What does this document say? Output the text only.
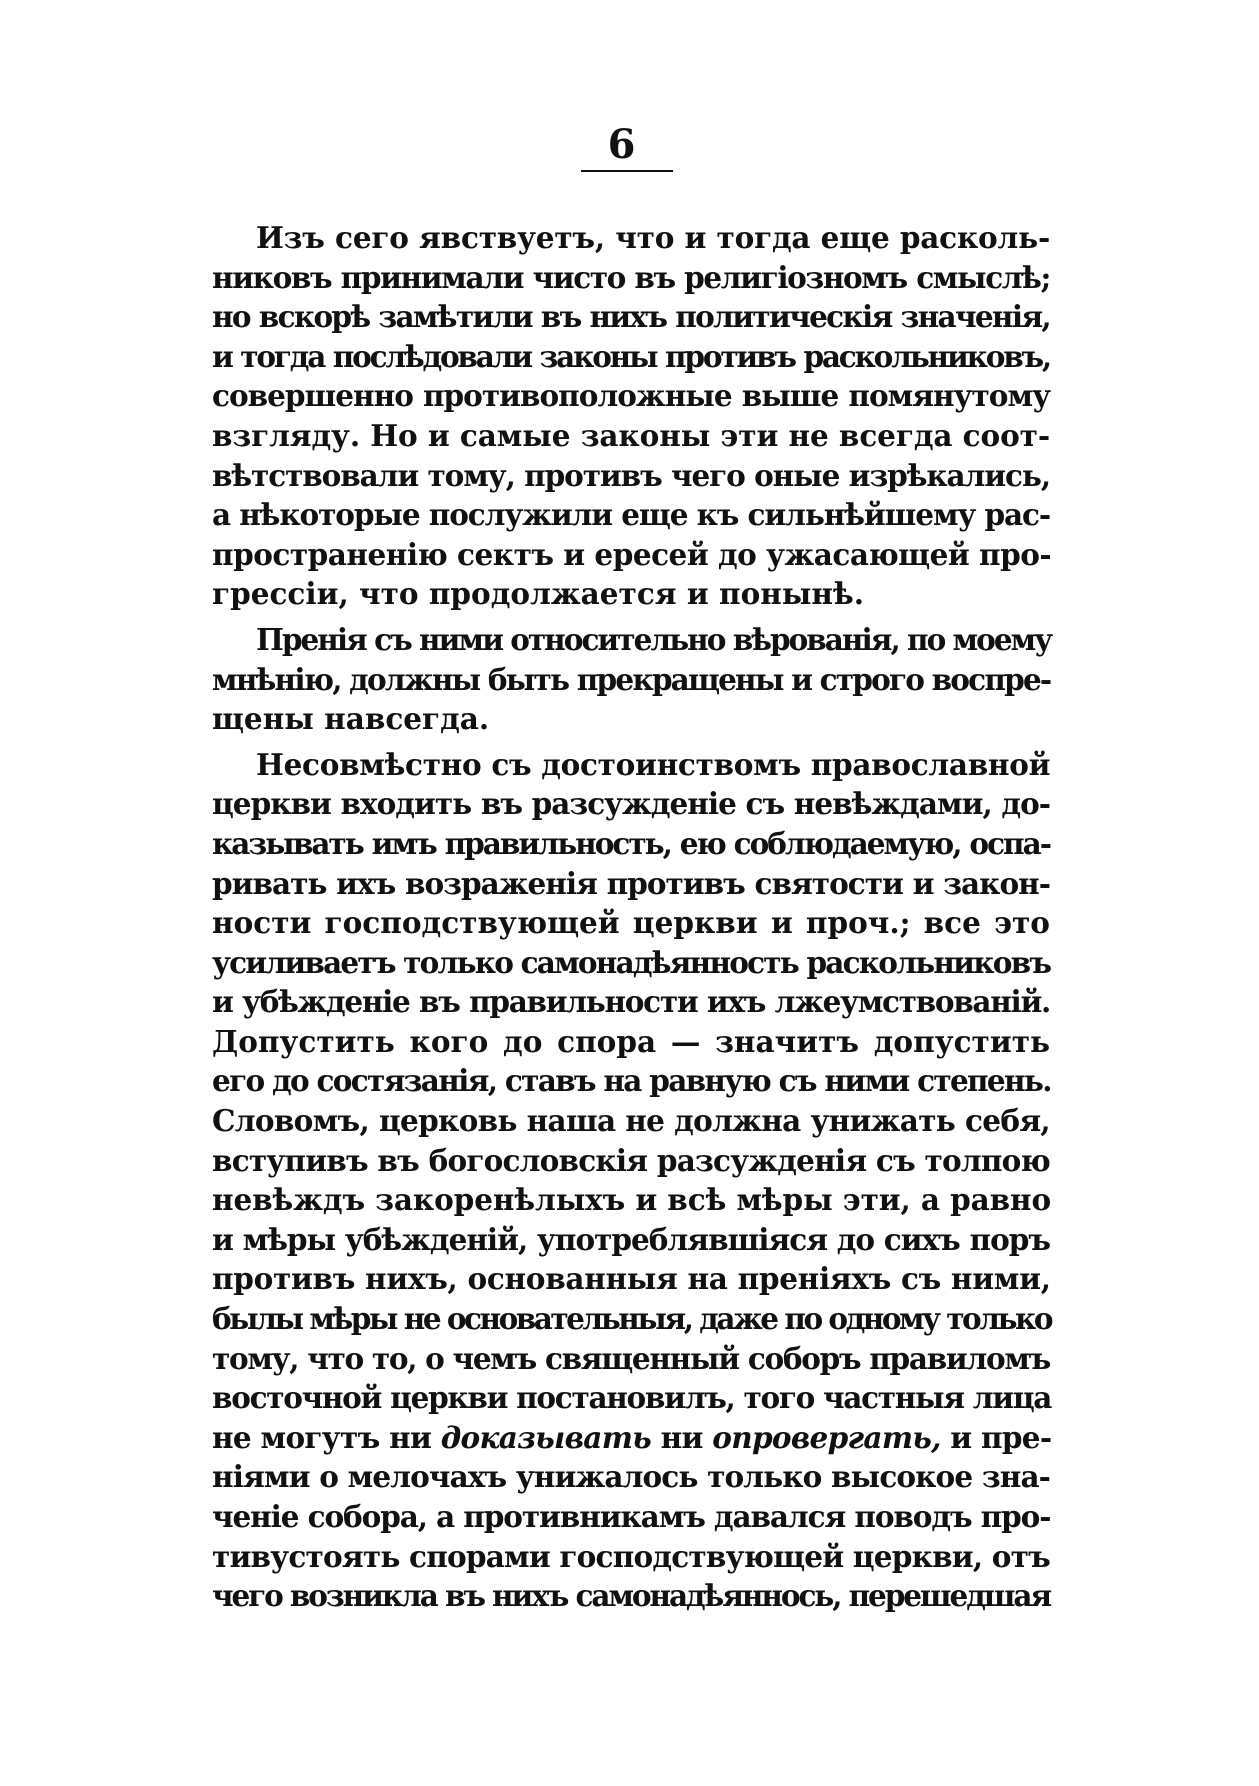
6
Изъ сего явствуетъ, что и тогда еще расколь-
никовъ принимали чисто въ религіозномъ смыслѣ;
но вскорѣ замѣтили въ нихъ политическія значенія,
и тогда послѣдовали законы противъ раскольниковъ,
совершенно противоположные выше помянутому
взгляду. Но и самые законы эти не всегда соот-
вѣтствовали тому, противъ чего оные изрѣкались,
а нѣкоторые послужили еще къ сильнѣйшему рас-
пространенію сектъ и ересей до ужасающей про-
грессіи, что продолжается и понынѣ.
Пренія съ ними относительно вѣрованія, по моему
мнѣнію, должны быть прекращены и строго воспре-
щены навсегда.
Несовмѣстно съ достоинствомъ православной
церкви входить въ разсужденіе съ невѣждами, до-
казывать имъ правильность, ею соблюдаемую, оспа-
ривать ихъ возраженія противъ святости и закон-
ности господствующей церкви и проч.; все это
усиливаетъ только самонадѣянность раскольниковъ
и убѣжденіе въ правильности ихъ лжеумствованій.
Допустить кого до спора — значитъ допустить
его до состязанія, ставъ на равную съ ними степень.
Словомъ, церковь наша не должна унижать себя,
вступивъ въ богословскія разсужденія съ толпою
невѣждъ закоренѣлыхъ и всѣ мѣры эти, а равно
и мѣры убѣжденій, употреблявшіяся до сихъ поръ
противъ нихъ, основанныя на преніяхъ съ ними,
былы мѣры не основательныя, даже по одному только
тому, что то, о чемъ священный соборъ правиломъ
восточной церкви постановилъ, того частныя лица
не могутъ ни доказывать ни опровергать, и пре-
ніями о мелочахъ унижалось только высокое зна-
ченіе собора, а противникамъ давался поводъ про-
тивустоять спорами господствующей церкви, отъ
чего возникла въ нихъ самонадѣяннось, перешедшая
